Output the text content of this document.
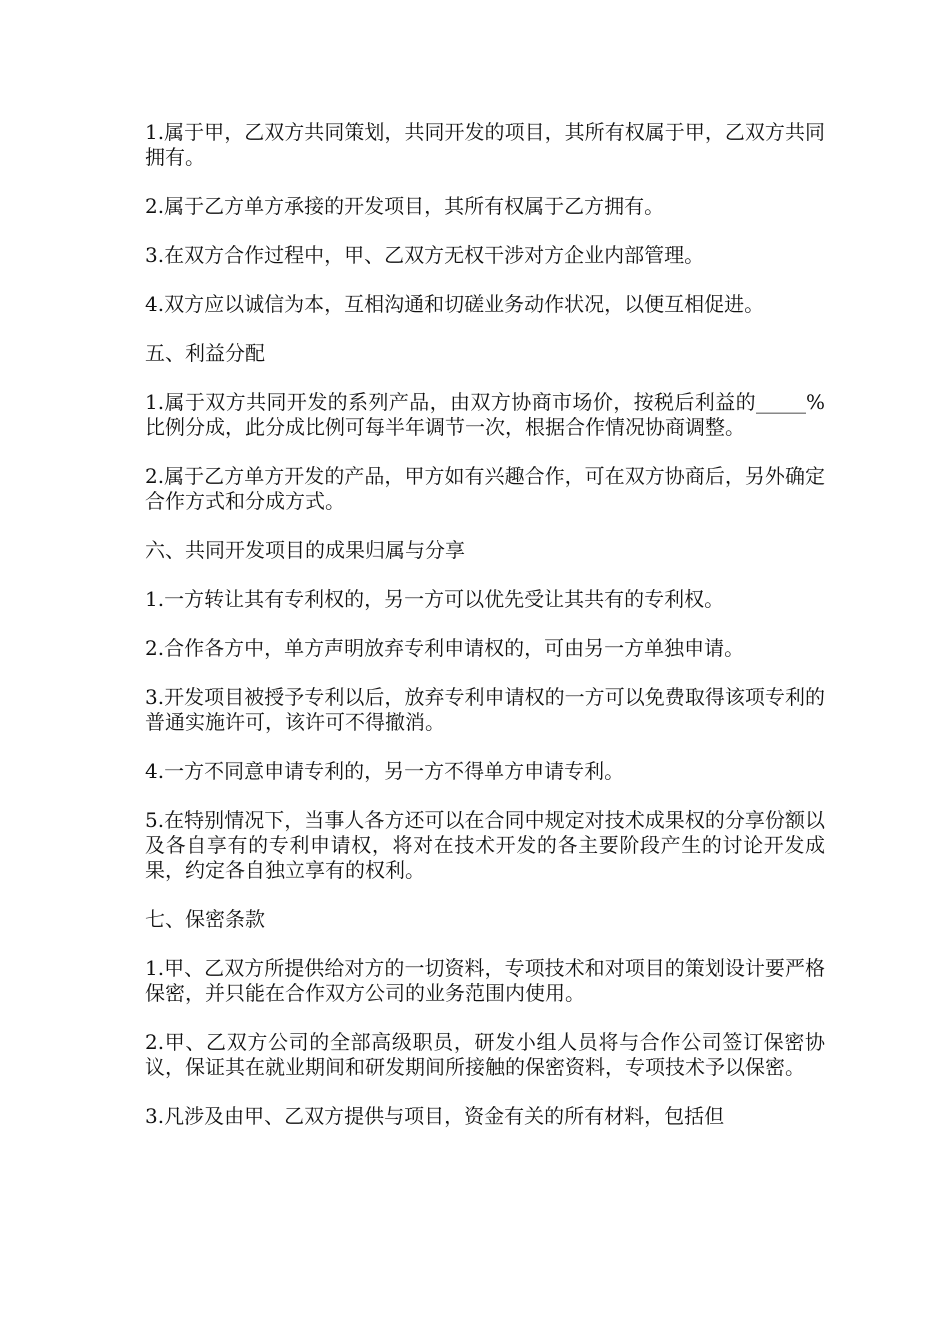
1.属于甲，乙双方共同策划，共同开发的项目，其所有权属于甲，乙双方共同拥有。

2.属于乙方单方承接的开发项目，其所有权属于乙方拥有。

3.在双方合作过程中，甲、乙双方无权干涉对方企业内部管理。

4.双方应以诚信为本，互相沟通和切磋业务动作状况，以便互相促进。

五、利益分配

1.属于双方共同开发的系列产品，由双方协商市场价，按税后利益的_____%比例分成，此分成比例可每半年调节一次，根据合作情况协商调整。

2.属于乙方单方开发的产品，甲方如有兴趣合作，可在双方协商后，另外确定合作方式和分成方式。

六、共同开发项目的成果归属与分享

1.一方转让其有专利权的，另一方可以优先受让其共有的专利权。

2.合作各方中，单方声明放弃专利申请权的，可由另一方单独申请。

3.开发项目被授予专利以后，放弃专利申请权的一方可以免费取得该项专利的普通实施许可，该许可不得撤消。

4.一方不同意申请专利的，另一方不得单方申请专利。

5.在特别情况下，当事人各方还可以在合同中规定对技术成果权的分享份额以及各自享有的专利申请权，将对在技术开发的各主要阶段产生的讨论开发成果，约定各自独立享有的权利。

七、保密条款

1.甲、乙双方所提供给对方的一切资料，专项技术和对项目的策划设计要严格保密，并只能在合作双方公司的业务范围内使用。

2.甲、乙双方公司的全部高级职员，研发小组人员将与合作公司签订保密协议，保证其在就业期间和研发期间所接触的保密资料，专项技术予以保密。

3.凡涉及由甲、乙双方提供与项目，资金有关的所有材料，包括但
